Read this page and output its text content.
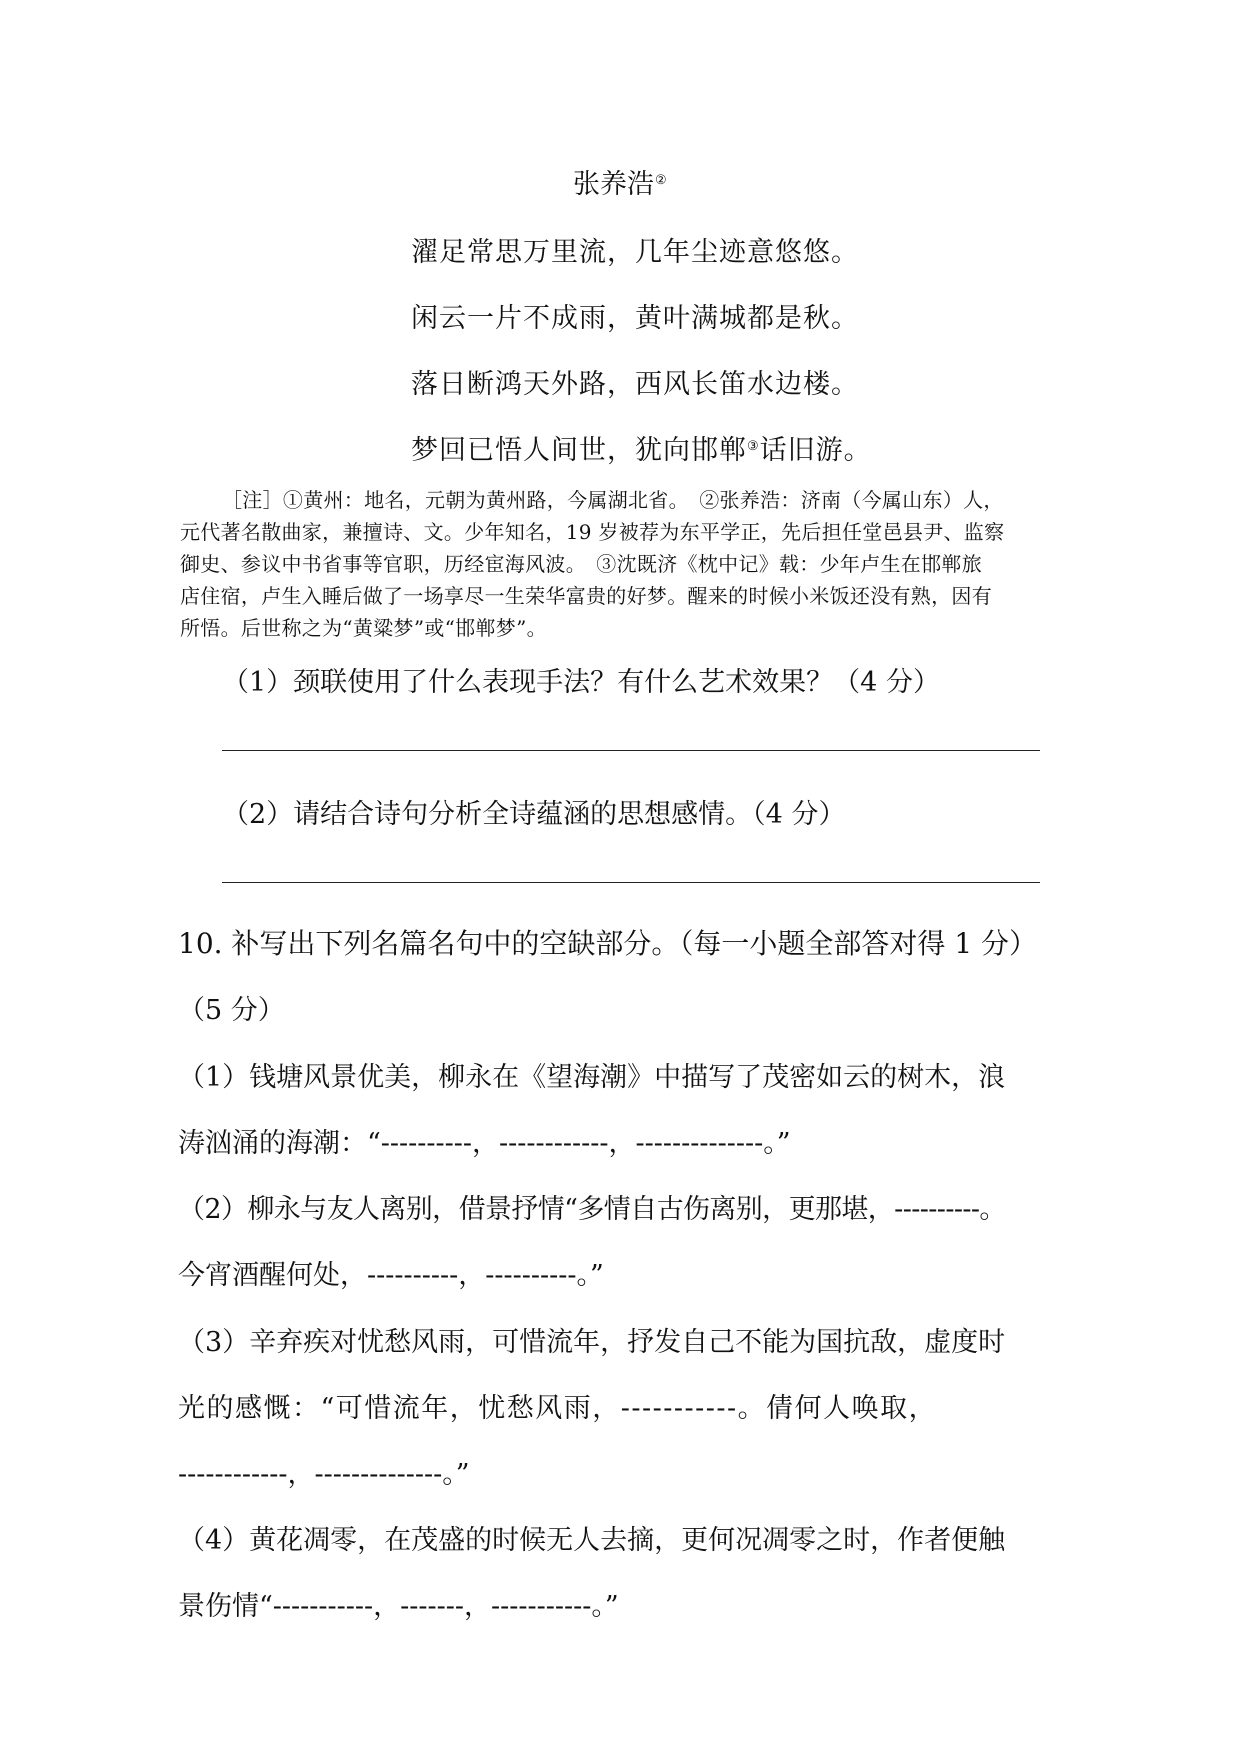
张养浩②
濯足常思万里流，几年尘迹意悠悠。
闲云一片不成雨，黄叶满城都是秋。
落日断鸿天外路，西风长笛水边楼。
梦回已悟人间世，犹向邯郸③话旧游。
［注］①黄州：地名，元朝为黄州路，今属湖北省。　②张养浩：济南（今属山东）人，
元代著名散曲家，兼擅诗、文。少年知名，19 岁被荐为东平学正，先后担任堂邑县尹、监察
御史、参议中书省事等官职，历经宦海风波。　③沈既济《枕中记》载：少年卢生在邯郸旅
店住宿，卢生入睡后做了一场享尽一生荣华富贵的好梦。醒来的时候小米饭还没有熟，因有
所悟。后世称之为“黄粱梦”或“邯郸梦”。
（1）颈联使用了什么表现手法？有什么艺术效果？（4 分）
（2）请结合诗句分析全诗蕴涵的思想感情。（4 分）
10. 补写出下列名篇名句中的空缺部分。（每一小题全部答对得 1 分）
（5 分）
（1）钱塘风景优美，柳永在《望海潮》中描写了茂密如云的树木，浪
涛汹涌的海潮：“----------，------------，--------------。”
（2）柳永与友人离别，借景抒情“多情自古伤离别，更那堪，----------。
今宵酒醒何处，----------，----------。”
（3）辛弃疾对忧愁风雨，可惜流年，抒发自己不能为国抗敌，虚度时
光的感慨：“可惜流年，忧愁风雨，-----------。倩何人唤取，
------------，--------------。”
（4）黄花凋零，在茂盛的时候无人去摘，更何况凋零之时，作者便触
景伤情“-----------，-------，-----------。”
